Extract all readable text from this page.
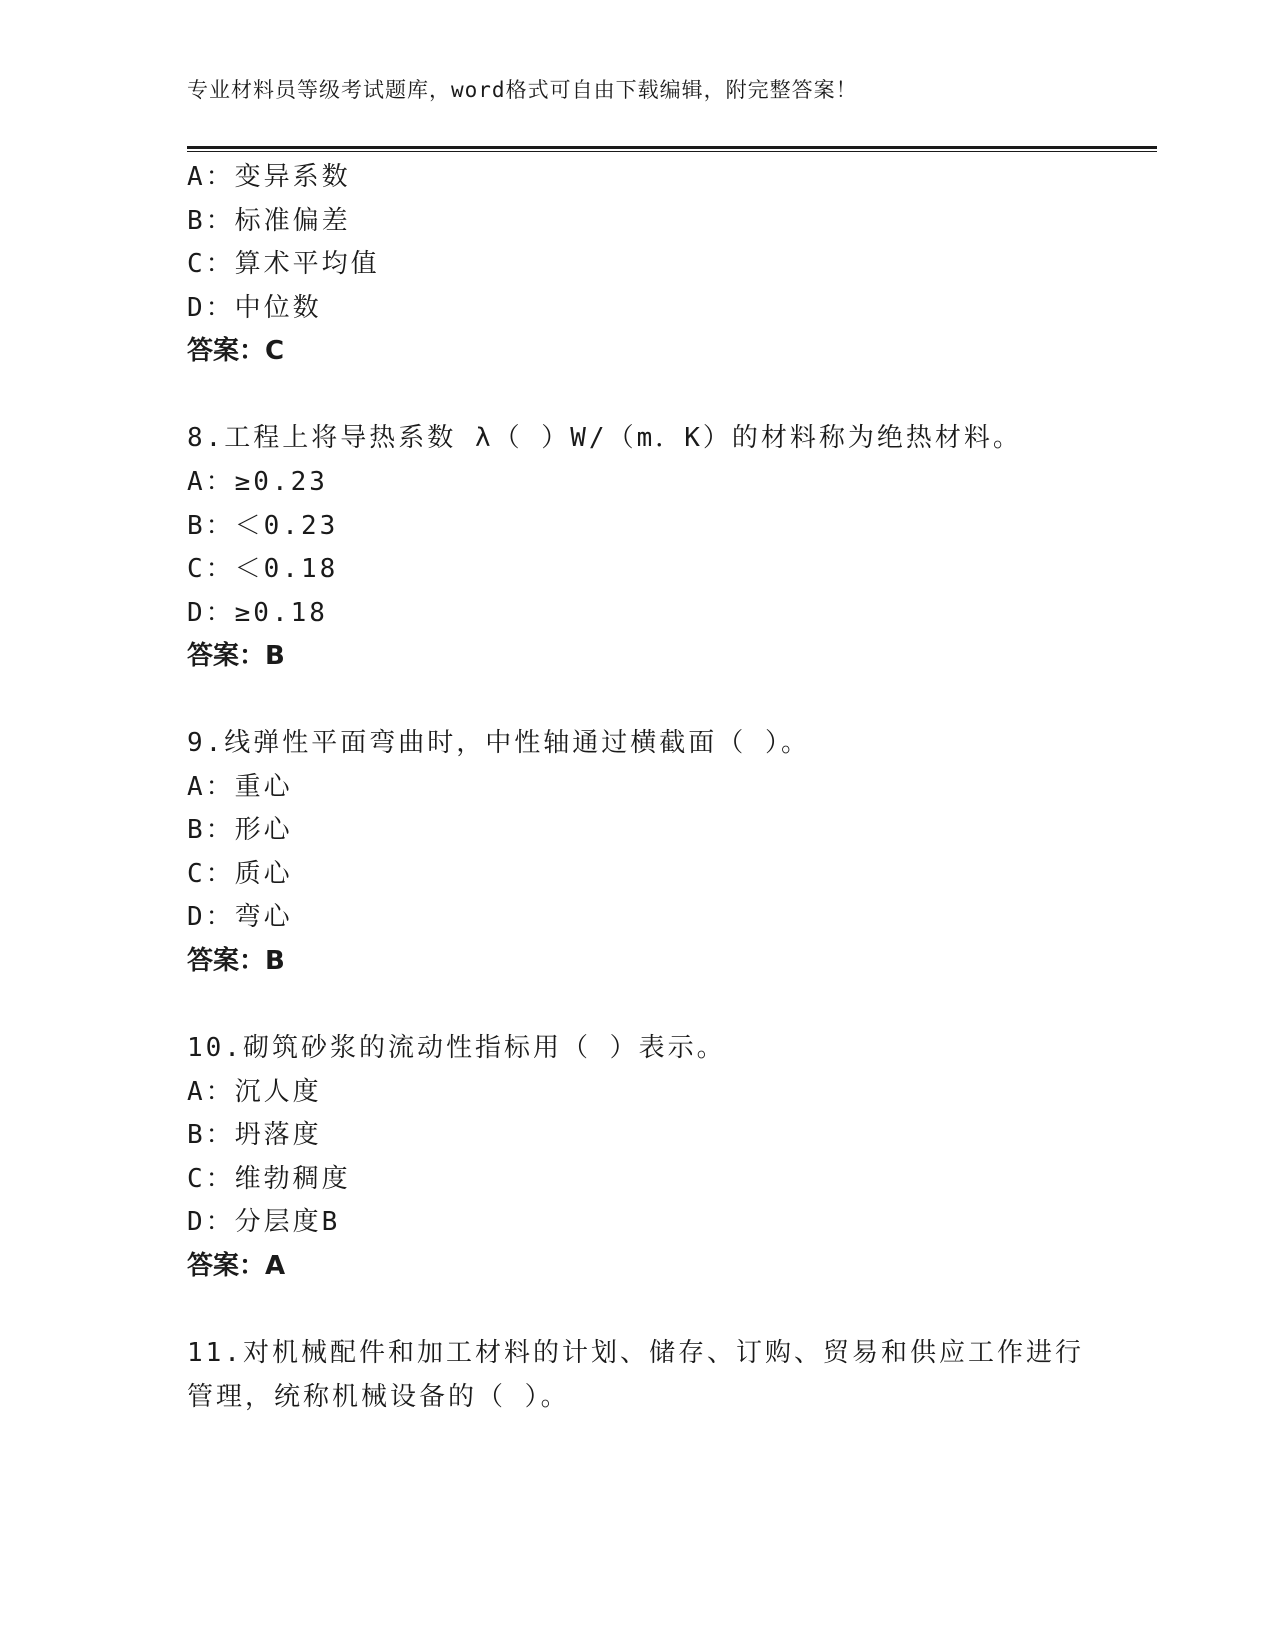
专业材料员等级考试题库，word格式可自由下载编辑，附完整答案！
A：变异系数
B：标准偏差
C：算术平均值
D：中位数
答案：C
8.工程上将导热系数 λ（ ）W/（m．K）的材料称为绝热材料。
A：≥0.23
B：＜0.23
C：＜0.18
D：≥0.18
答案：B
9.线弹性平面弯曲时，中性轴通过横截面（ ）。
A：重心
B：形心
C：质心
D：弯心
答案：B
10.砌筑砂浆的流动性指标用（ ）表示。
A：沉人度
B：坍落度
C：维勃稠度
D：分层度B
答案：A
11.对机械配件和加工材料的计划、储存、订购、贸易和供应工作进行
管理，统称机械设备的（ ）。
